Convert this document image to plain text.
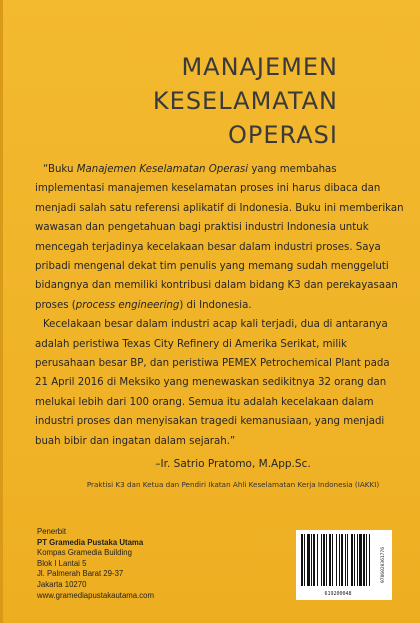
MANAJEMEN
KESELAMATAN
OPERASI

“Buku Manajemen Keselamatan Operasi yang membahas implementasi manajemen keselamatan proses ini harus dibaca dan menjadi salah satu referensi aplikatif di Indonesia. Buku ini memberikan wawasan dan pengetahuan bagi praktisi industri Indonesia untuk mencegah terjadinya kecelakaan besar dalam industri proses. Saya pribadi mengenal dekat tim penulis yang memang sudah menggeluti bidangnya dan memiliki kontribusi dalam bidang K3 dan perekayasaan proses (process engineering) di Indonesia.

Kecelakaan besar dalam industri acap kali terjadi, dua di antaranya adalah peristiwa Texas City Refinery di Amerika Serikat, milik perusahaan besar BP, dan peristiwa PEMEX Petrochemical Plant pada 21 April 2016 di Meksiko yang menewaskan sedikitnya 32 orang dan melukai lebih dari 100 orang. Semua itu adalah kecelakaan dalam industri proses dan menyisakan tragedi kemanusiaan, yang menjadi buah bibir dan ingatan dalam sejarah.”

–Ir. Satrio Pratomo, M.App.Sc.
Praktisi K3 dan Ketua dan Pendiri Ikatan Ahli Keselamatan Kerja Indonesia (IAKKI)
Penerbit
PT Gramedia Pustaka Utama
Kompas Gramedia Building
Blok I Lantai 5
Jl. Palmerah Barat 29-37
Jakarta 10270
www.gramediapustakautama.com	619200048
9786020361776
